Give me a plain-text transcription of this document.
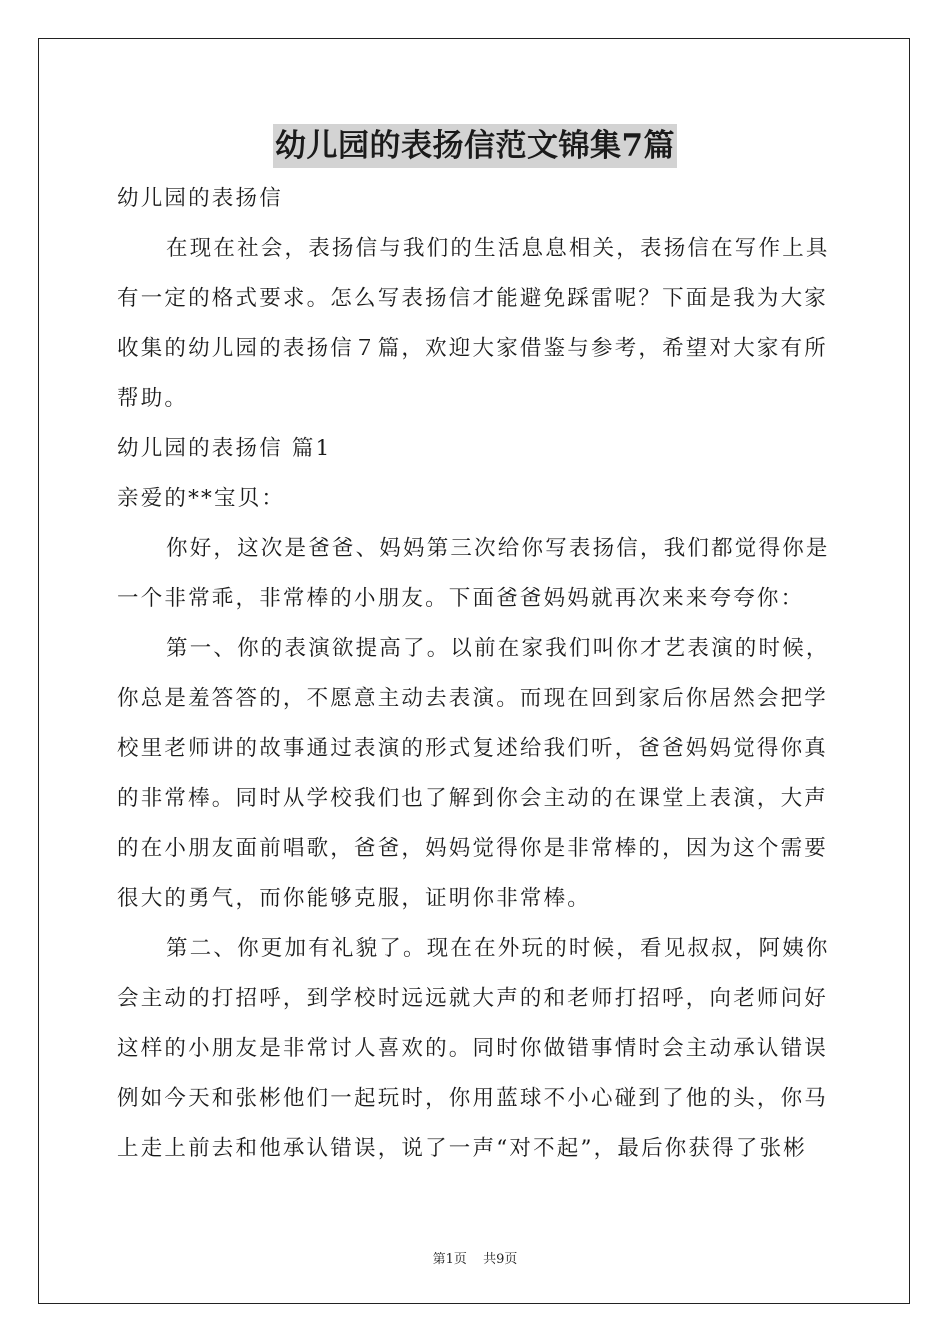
幼儿园的表扬信范文锦集7篇

幼儿园的表扬信

在现在社会，表扬信与我们的生活息息相关，表扬信在写作上具

有一定的格式要求。怎么写表扬信才能避免踩雷呢？下面是我为大家

收集的幼儿园的表扬信７篇，欢迎大家借鉴与参考，希望对大家有所

帮助。

幼儿园的表扬信 篇1

亲爱的**宝贝：

你好，这次是爸爸、妈妈第三次给你写表扬信，我们都觉得你是

一个非常乖，非常棒的小朋友。下面爸爸妈妈就再次来来夸夸你：

第一、你的表演欲提高了。以前在家我们叫你才艺表演的时候，

你总是羞答答的，不愿意主动去表演。而现在回到家后你居然会把学

校里老师讲的故事通过表演的形式复述给我们听，爸爸妈妈觉得你真

的非常棒。同时从学校我们也了解到你会主动的在课堂上表演，大声

的在小朋友面前唱歌，爸爸，妈妈觉得你是非常棒的，因为这个需要

很大的勇气，而你能够克服，证明你非常棒。

第二、你更加有礼貌了。现在在外玩的时候，看见叔叔，阿姨你

会主动的打招呼，到学校时远远就大声的和老师打招呼，向老师问好

这样的小朋友是非常讨人喜欢的。同时你做错事情时会主动承认错误

例如今天和张彬他们一起玩时，你用蓝球不小心碰到了他的头，你马

上走上前去和他承认错误，说了一声“对不起”，最后你获得了张彬

第1页 共9页
